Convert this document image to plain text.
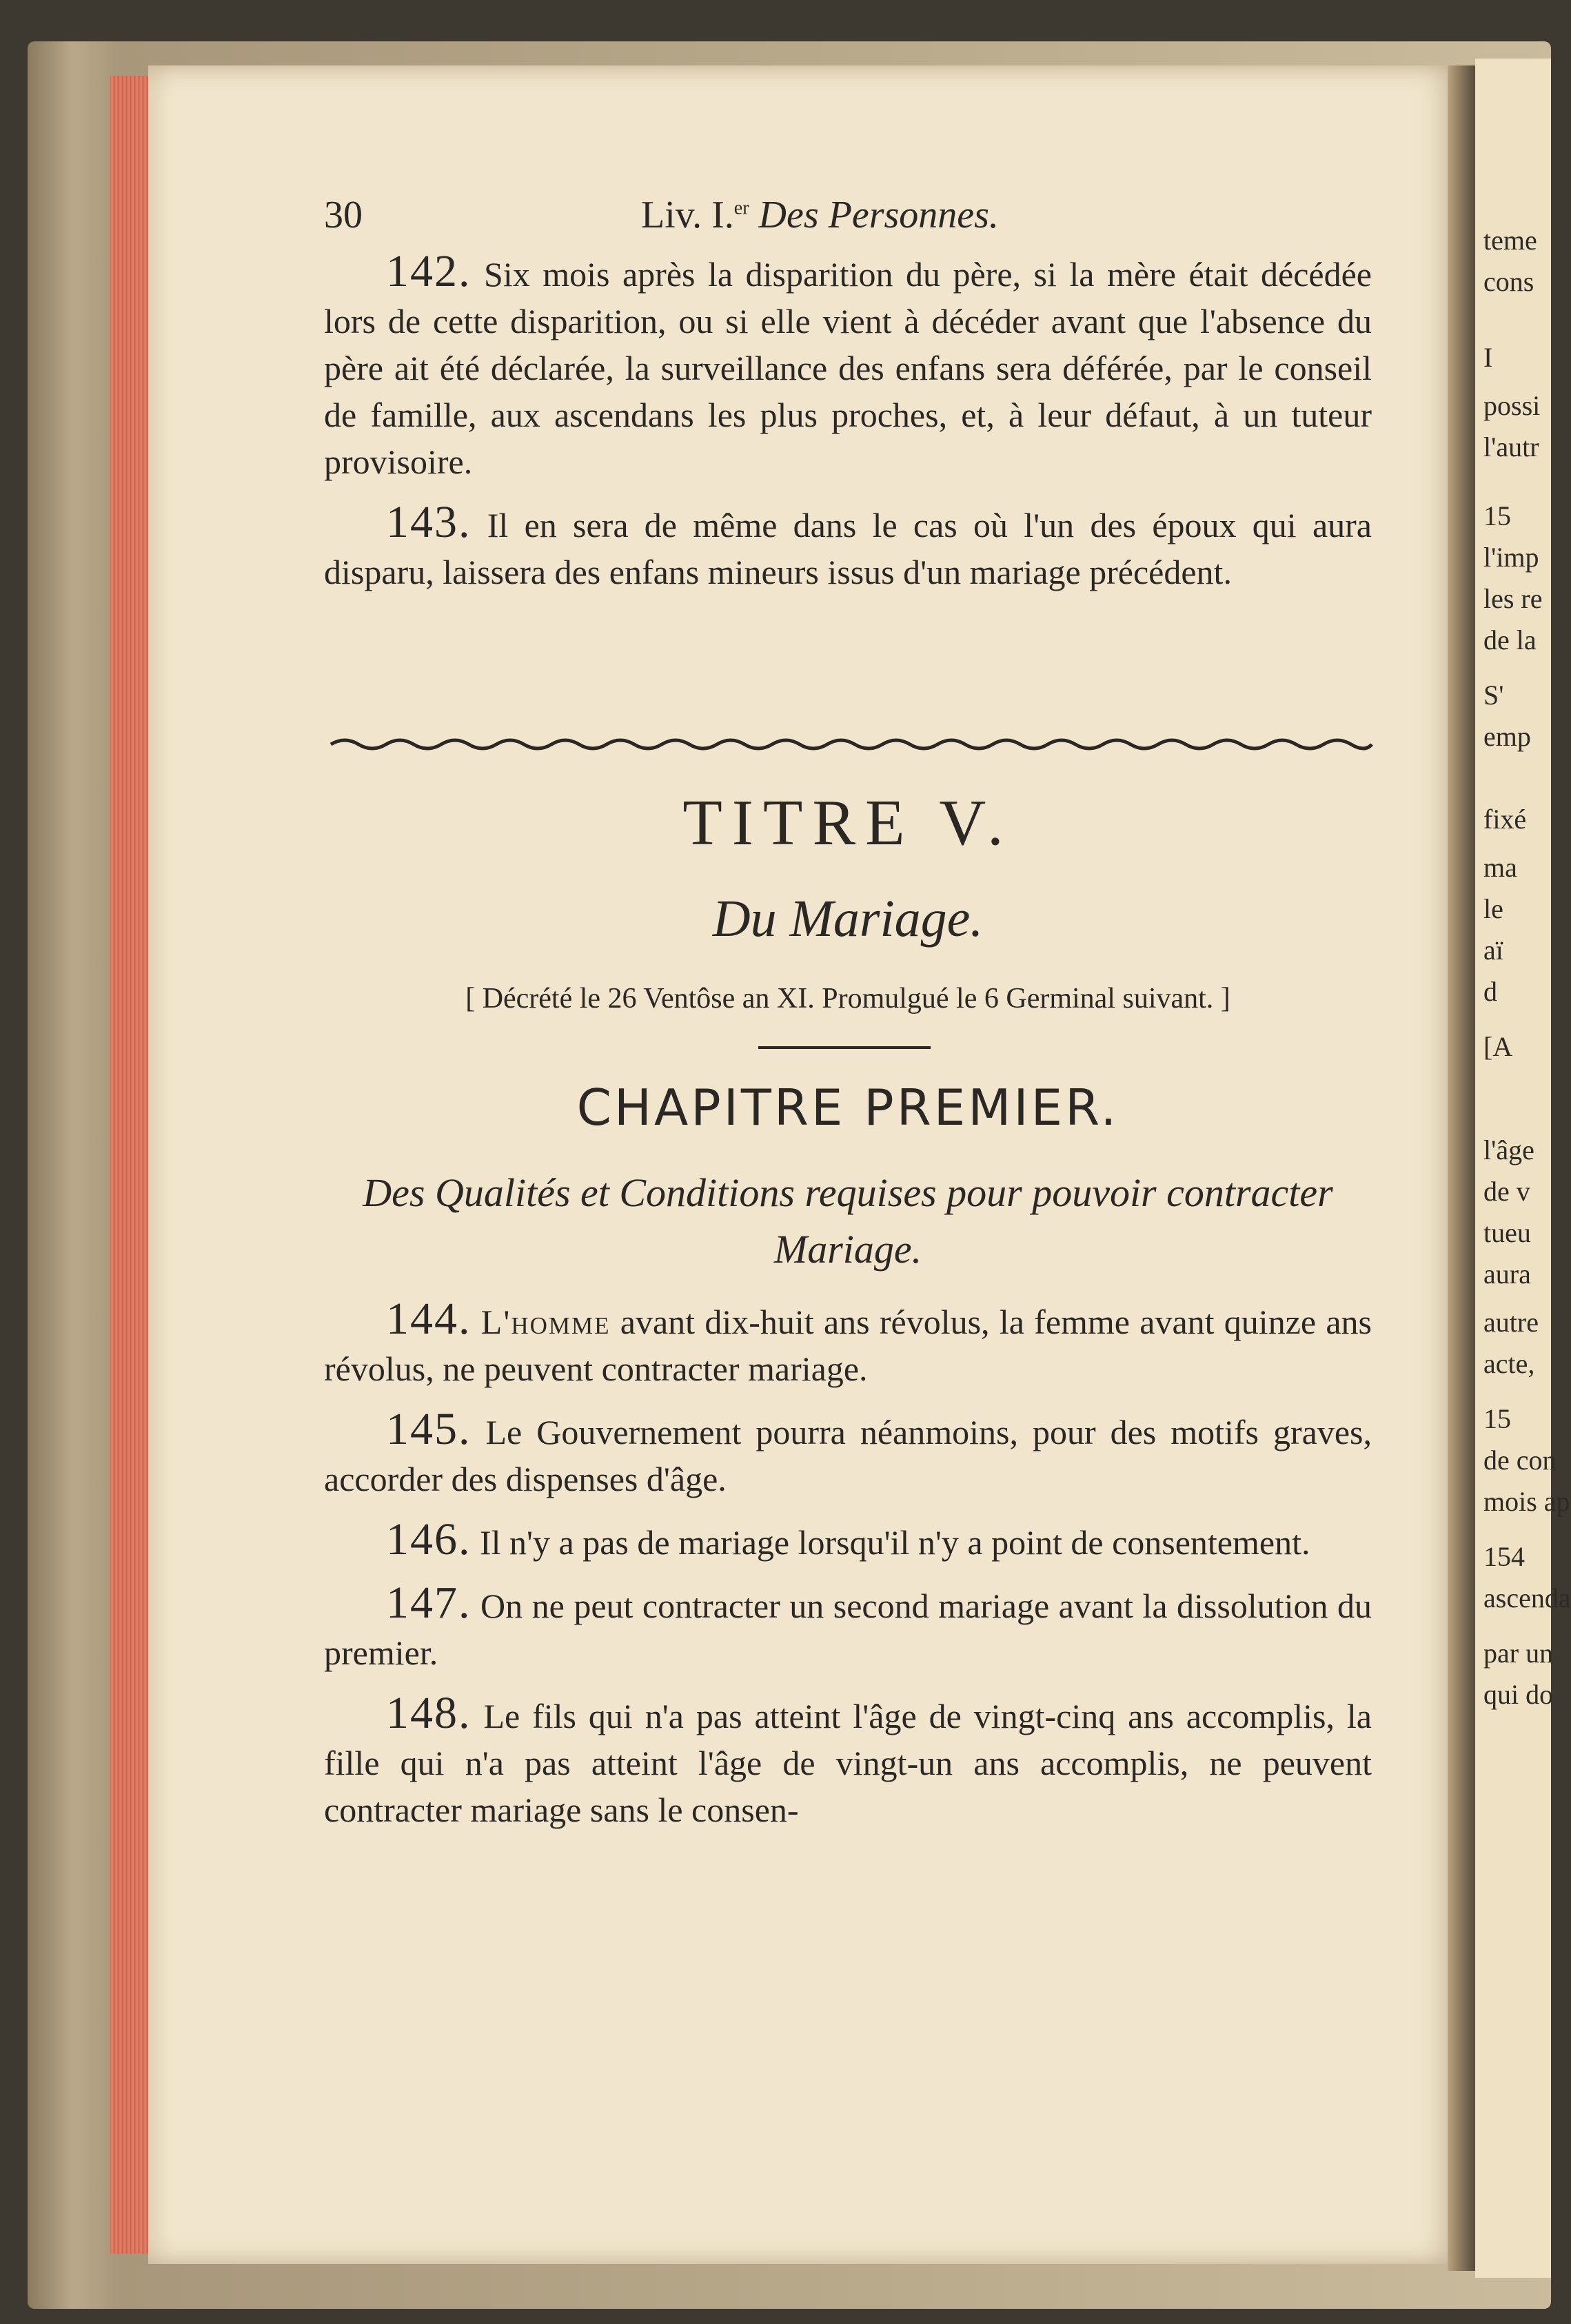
teme
cons
I
possi
l'autr
15
l'imp
les re
de la
S'
emp
fixé
ma
le
aï
d
[A
l'âge
de v
tueu
aura
autre
acte,
15
de con
mois ap
154
ascenda
par un
qui do
30	Liv. I.$^{er}$ Des Personnes.

142. Six mois après la disparition du père, si la mère était décédée lors de cette disparition, ou si elle vient à décéder avant que l'absence du père ait été déclarée, la surveillance des enfans sera déférée, par le conseil de famille, aux ascendans les plus proches, et, à leur défaut, à un tuteur provisoire.

143. Il en sera de même dans le cas où l'un des époux qui aura disparu, laissera des enfans mineurs issus d'un mariage précédent.

TITRE V.
Du Mariage.
[ Décrété le 26 Ventôse an XI. Promulgué le 6 Germinal suivant. ]
CHAPITRE PREMIER.
Des Qualités et Conditions requises pour pouvoir contracter Mariage.

144. L'homme avant dix-huit ans révolus, la femme avant quinze ans révolus, ne peuvent contracter mariage.

145. Le Gouvernement pourra néanmoins, pour des motifs graves, accorder des dispenses d'âge.

146. Il n'y a pas de mariage lorsqu'il n'y a point de consentement.

147. On ne peut contracter un second mariage avant la dissolution du premier.

148. Le fils qui n'a pas atteint l'âge de vingt-cinq ans accomplis, la fille qui n'a pas atteint l'âge de vingt-un ans accomplis, ne peuvent contracter mariage sans le consen-
